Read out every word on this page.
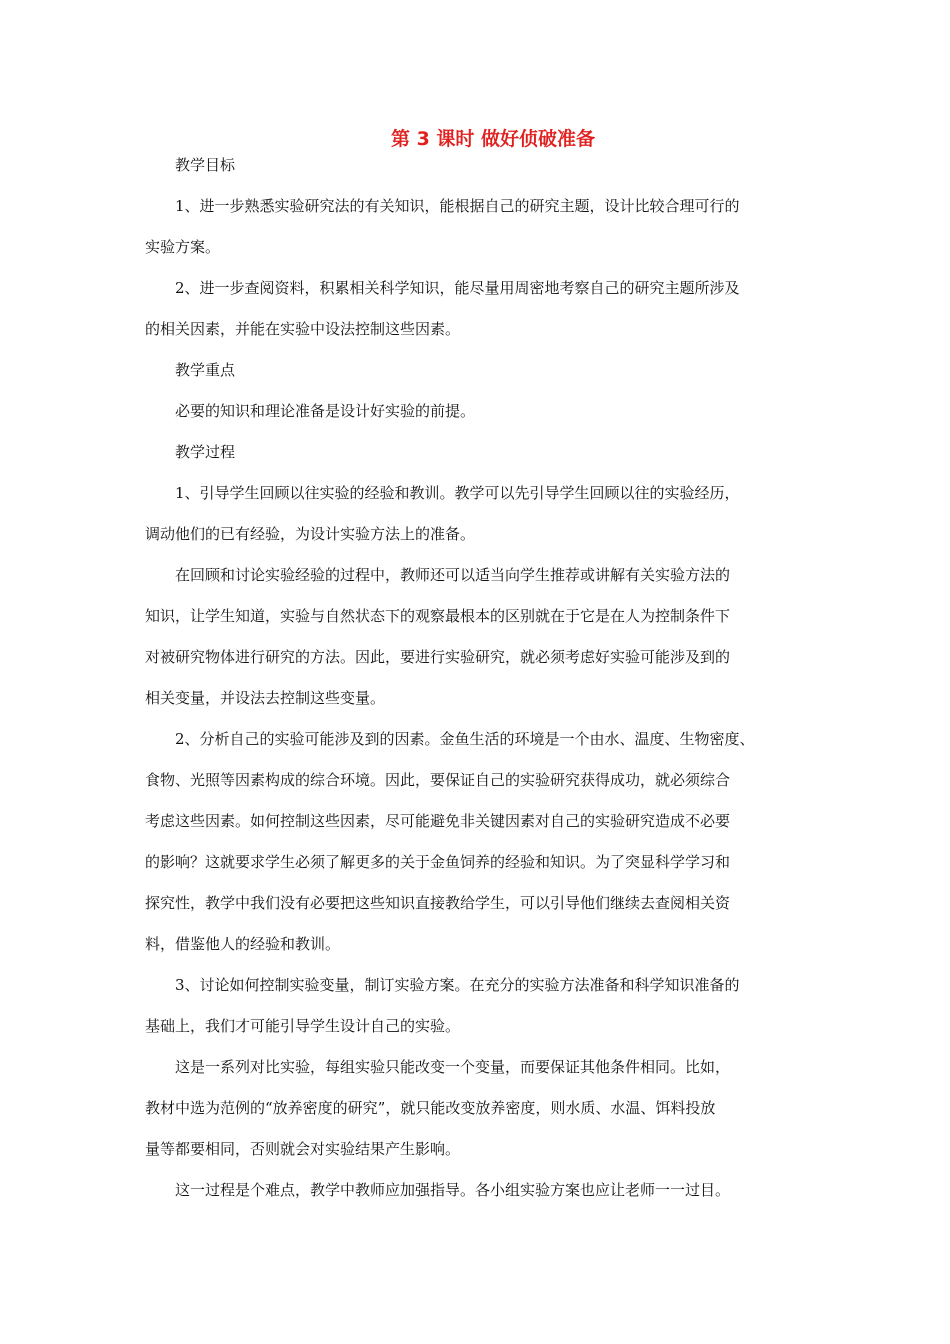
第 3 课时 做好侦破准备

教学目标

1、进一步熟悉实验研究法的有关知识，能根据自己的研究主题，设计比较合理可行的

实验方案。

2、进一步查阅资料，积累相关科学知识，能尽量用周密地考察自己的研究主题所涉及

的相关因素，并能在实验中设法控制这些因素。

教学重点

必要的知识和理论准备是设计好实验的前提。

教学过程

1、引导学生回顾以往实验的经验和教训。教学可以先引导学生回顾以往的实验经历，

调动他们的已有经验，为设计实验方法上的准备。

在回顾和讨论实验经验的过程中，教师还可以适当向学生推荐或讲解有关实验方法的

知识，让学生知道，实验与自然状态下的观察最根本的区别就在于它是在人为控制条件下

对被研究物体进行研究的方法。因此，要进行实验研究，就必须考虑好实验可能涉及到的

相关变量，并设法去控制这些变量。

2、分析自己的实验可能涉及到的因素。金鱼生活的环境是一个由水、温度、生物密度、

食物、光照等因素构成的综合环境。因此，要保证自己的实验研究获得成功，就必须综合

考虑这些因素。如何控制这些因素，尽可能避免非关键因素对自己的实验研究造成不必要

的影响？这就要求学生必须了解更多的关于金鱼饲养的经验和知识。为了突显科学学习和

探究性，教学中我们没有必要把这些知识直接教给学生，可以引导他们继续去查阅相关资

料，借鉴他人的经验和教训。

3、讨论如何控制实验变量，制订实验方案。在充分的实验方法准备和科学知识准备的

基础上，我们才可能引导学生设计自己的实验。

这是一系列对比实验，每组实验只能改变一个变量，而要保证其他条件相同。比如，

教材中选为范例的“放养密度的研究”，就只能改变放养密度，则水质、水温、饵料投放

量等都要相同，否则就会对实验结果产生影响。

这一过程是个难点，教学中教师应加强指导。各小组实验方案也应让老师一一过目。
